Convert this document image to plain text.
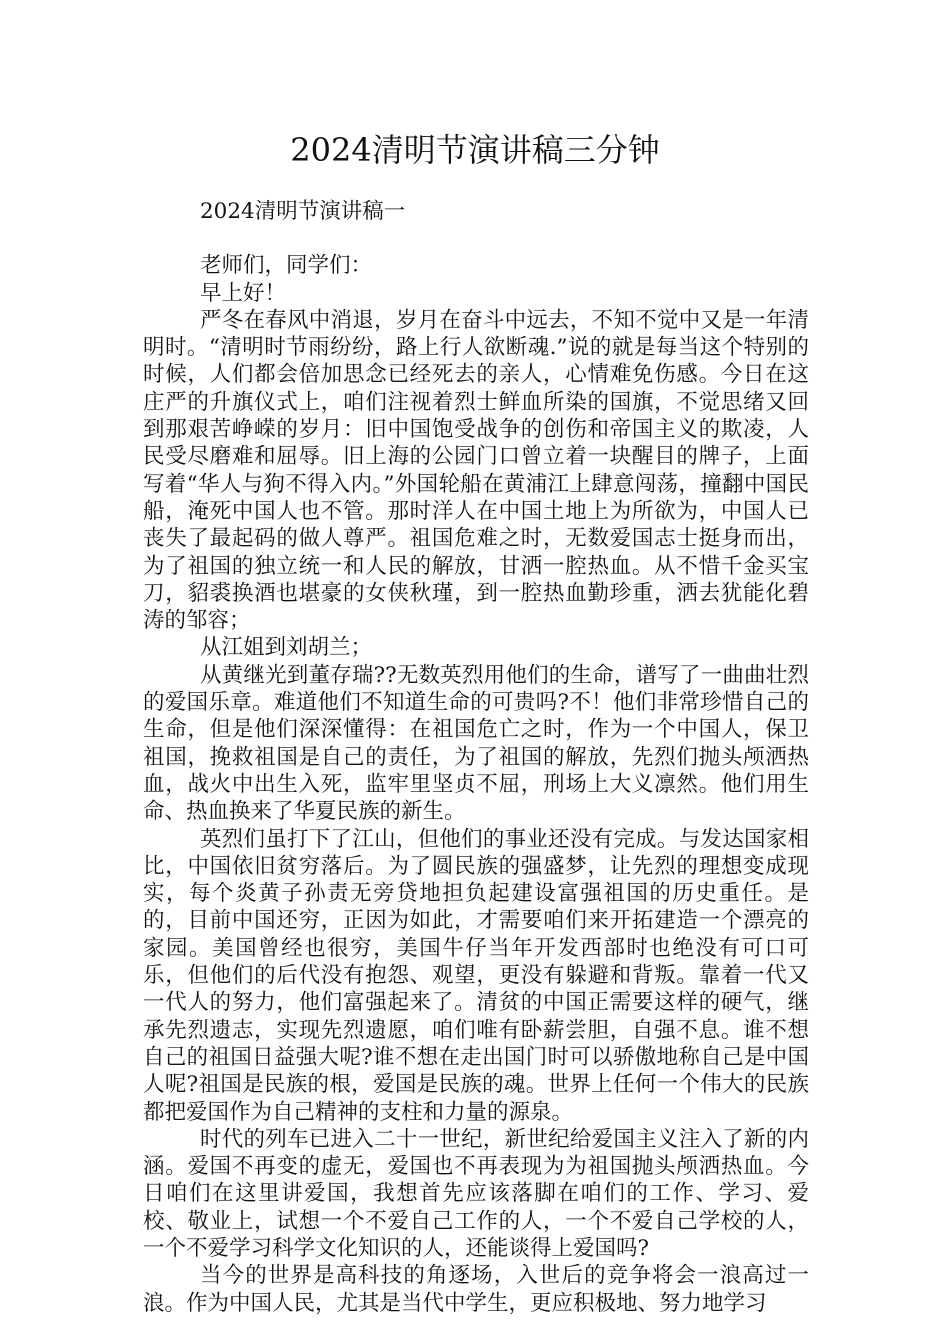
2024清明节演讲稿三分钟

2024清明节演讲稿一

老师们，同学们：

早上好！

严冬在春风中消退，岁月在奋斗中远去，不知不觉中又是一年清明时。“清明时节雨纷纷，路上行人欲断魂.”说的就是每当这个特别的时候，人们都会倍加思念已经死去的亲人，心情难免伤感。今日在这庄严的升旗仪式上，咱们注视着烈士鲜血所染的国旗，不觉思绪又回到那艰苦峥嵘的岁月：旧中国饱受战争的创伤和帝国主义的欺凌，人民受尽磨难和屈辱。旧上海的公园门口曾立着一块醒目的牌子，上面写着“华人与狗不得入内。”外国轮船在黄浦江上肆意闯荡，撞翻中国民船，淹死中国人也不管。那时洋人在中国土地上为所欲为，中国人已丧失了最起码的做人尊严。祖国危难之时，无数爱国志士挺身而出，为了祖国的独立统一和人民的解放，甘洒一腔热血。从不惜千金买宝刀，貂裘换酒也堪豪的女侠秋瑾，到一腔热血勤珍重，洒去犹能化碧涛的邹容；

从江姐到刘胡兰；

从黄继光到董存瑞??无数英烈用他们的生命，谱写了一曲曲壮烈的爱国乐章。难道他们不知道生命的可贵吗?不！他们非常珍惜自己的生命，但是他们深深懂得：在祖国危亡之时，作为一个中国人，保卫祖国，挽救祖国是自己的责任，为了祖国的解放，先烈们抛头颅洒热血，战火中出生入死，监牢里坚贞不屈，刑场上大义凛然。他们用生命、热血换来了华夏民族的新生。

英烈们虽打下了江山，但他们的事业还没有完成。与发达国家相比，中国依旧贫穷落后。为了圆民族的强盛梦，让先烈的理想变成现实，每个炎黄子孙责无旁贷地担负起建设富强祖国的历史重任。是的，目前中国还穷，正因为如此，才需要咱们来开拓建造一个漂亮的家园。美国曾经也很穷，美国牛仔当年开发西部时也绝没有可口可乐，但他们的后代没有抱怨、观望，更没有躲避和背叛。靠着一代又一代人的努力，他们富强起来了。清贫的中国正需要这样的硬气，继承先烈遗志，实现先烈遗愿，咱们唯有卧薪尝胆，自强不息。谁不想自己的祖国日益强大呢?谁不想在走出国门时可以骄傲地称自己是中国人呢?祖国是民族的根，爱国是民族的魂。世界上任何一个伟大的民族都把爱国作为自己精神的支柱和力量的源泉。

时代的列车已进入二十一世纪，新世纪给爱国主义注入了新的内涵。爱国不再变的虚无，爱国也不再表现为为祖国抛头颅洒热血。今日咱们在这里讲爱国，我想首先应该落脚在咱们的工作、学习、爱校、敬业上，试想一个不爱自己工作的人，一个不爱自己学校的人，一个不爱学习科学文化知识的人，还能谈得上爱国吗?

当今的世界是高科技的角逐场，入世后的竞争将会一浪高过一浪。作为中国人民，尤其是当代中学生，更应积极地、努力地学习
